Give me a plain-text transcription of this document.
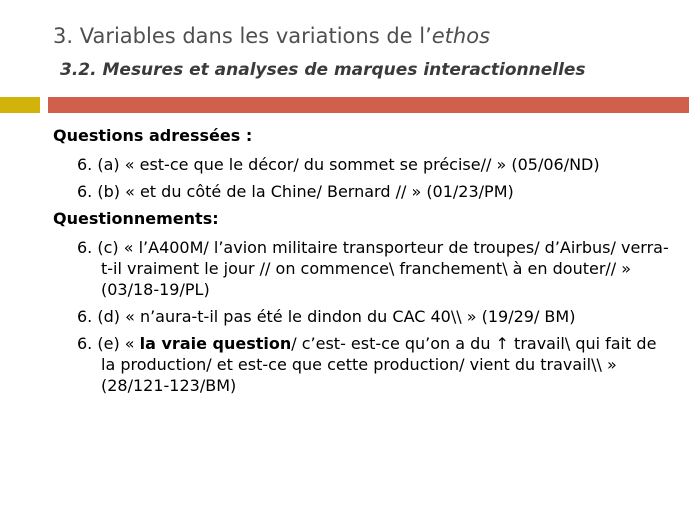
3. Variables dans les variations de l’ethos
3.2. Mesures et analyses de marques interactionnelles
Questions adressées :
6. (a) « est-ce que le décor/ du sommet se précise// » (05/06/ND)
6. (b) « et du côté de la Chine/ Bernard // » (01/23/PM)
Questionnements:
6. (c) « l’A400M/ l’avion militaire transporteur de troupes/ d’Airbus/ verra-t-il vraiment le jour // on commence\ franchement\ à en douter// » (03/18-19/PL)
6. (d) « n’aura-t-il pas été le dindon du CAC 40\\ » (19/29/ BM)
6. (e) « la vraie question/ c’est- est-ce qu’on a du ↑ travail\ qui fait de la production/ et est-ce que cette production/ vient du travail\\ » (28/121-123/BM)
